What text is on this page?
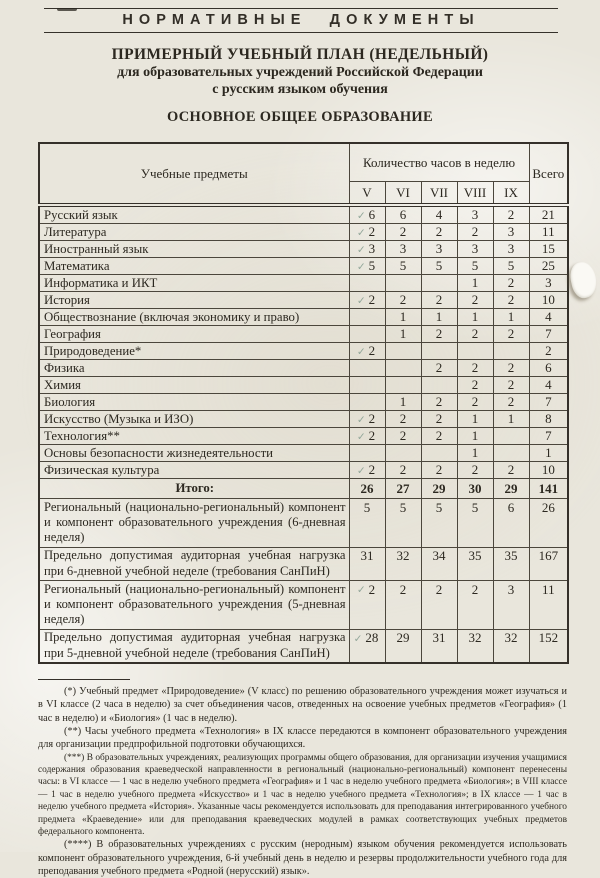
НОРМАТИВНЫЕ ДОКУМЕНТЫ
ПРИМЕРНЫЙ УЧЕБНЫЙ ПЛАН (НЕДЕЛЬНЫЙ)
для образовательных учреждений Российской Федерации
с русским языком обучения
ОСНОВНОЕ ОБЩЕЕ ОБРАЗОВАНИЕ
Учебные предметы	Количество часов в неделю					Всего
	V	VI	VII	VIII	IX	
Русский язык	✓ 6	6	4	3	2	21
Литература	✓ 2	2	2	2	3	11
Иностранный язык	✓ 3	3	3	3	3	15
Математика	✓ 5	5	5	5	5	25
Информатика и ИКТ				1	2	3
История	✓ 2	2	2	2	2	10
Обществознание (включая экономику и право)		1	1	1	1	4
География		1	2	2	2	7
Природоведение*	✓ 2					2
Физика			2	2	2	6
Химия				2	2	4
Биология		1	2	2	2	7
Искусство (Музыка и ИЗО)	✓ 2	2	2	1	1	8
Технология**	✓ 2	2	2	1		7
Основы безопасности жизнедеятельности				1		1
Физическая культура	✓ 2	2	2	2	2	10
Итого:	26	27	29	30	29	141
Региональный (национально-региональный) компонент и компонент образовательного учреждения (6-дневная неделя)	5	5	5	5	6	26
Предельно допустимая аудиторная учебная нагрузка при 6-дневной учебной неделе (требования СанПиН)	31	32	34	35	35	167
Региональный (национально-региональный) компонент и компонент образовательного учреждения (5-дневная неделя)	✓ 2	2	2	2	3	11
Предельно допустимая аудиторная учебная нагрузка при 5-дневной учебной неделе (требования СанПиН)	✓ 28	29	31	32	32	152

(*) Учебный предмет «Природоведение» (V класс) по решению образовательного учреждения может изучаться и в VI классе (2 часа в неделю) за счет объединения часов, отведенных на освоение учебных предметов «География» (1 час в неделю) и «Биология» (1 час в неделю).

(**) Часы учебного предмета «Технология» в IX классе передаются в компонент образовательного учреждения для организации предпрофильной подготовки обучающихся.

(***) В образовательных учреждениях, реализующих программы общего образования, для организации изучения учащимися содержания образования краеведческой направленности в региональный (национально-региональный) компонент перенесены часы: в VI классе — 1 час в неделю учебного предмета «География» и 1 час в неделю учебного предмета «Биология»; в VIII классе — 1 час в неделю учебного предмета «Искусство» и 1 час в неделю учебного предмета «Технология»; в IX классе — 1 час в неделю учебного предмета «История». Указанные часы рекомендуется использовать для преподавания интегрированного учебного предмета «Краеведение» или для преподавания краеведческих модулей в рамках соответствующих учебных предметов федерального компонента.

(****) В образовательных учреждениях с русским (неродным) языком обучения рекомендуется использовать компонент образовательного учреждения, 6-й учебный день в неделю и резервы продолжительности учебного года для преподавания учебного предмета «Родной (нерусский) язык».
